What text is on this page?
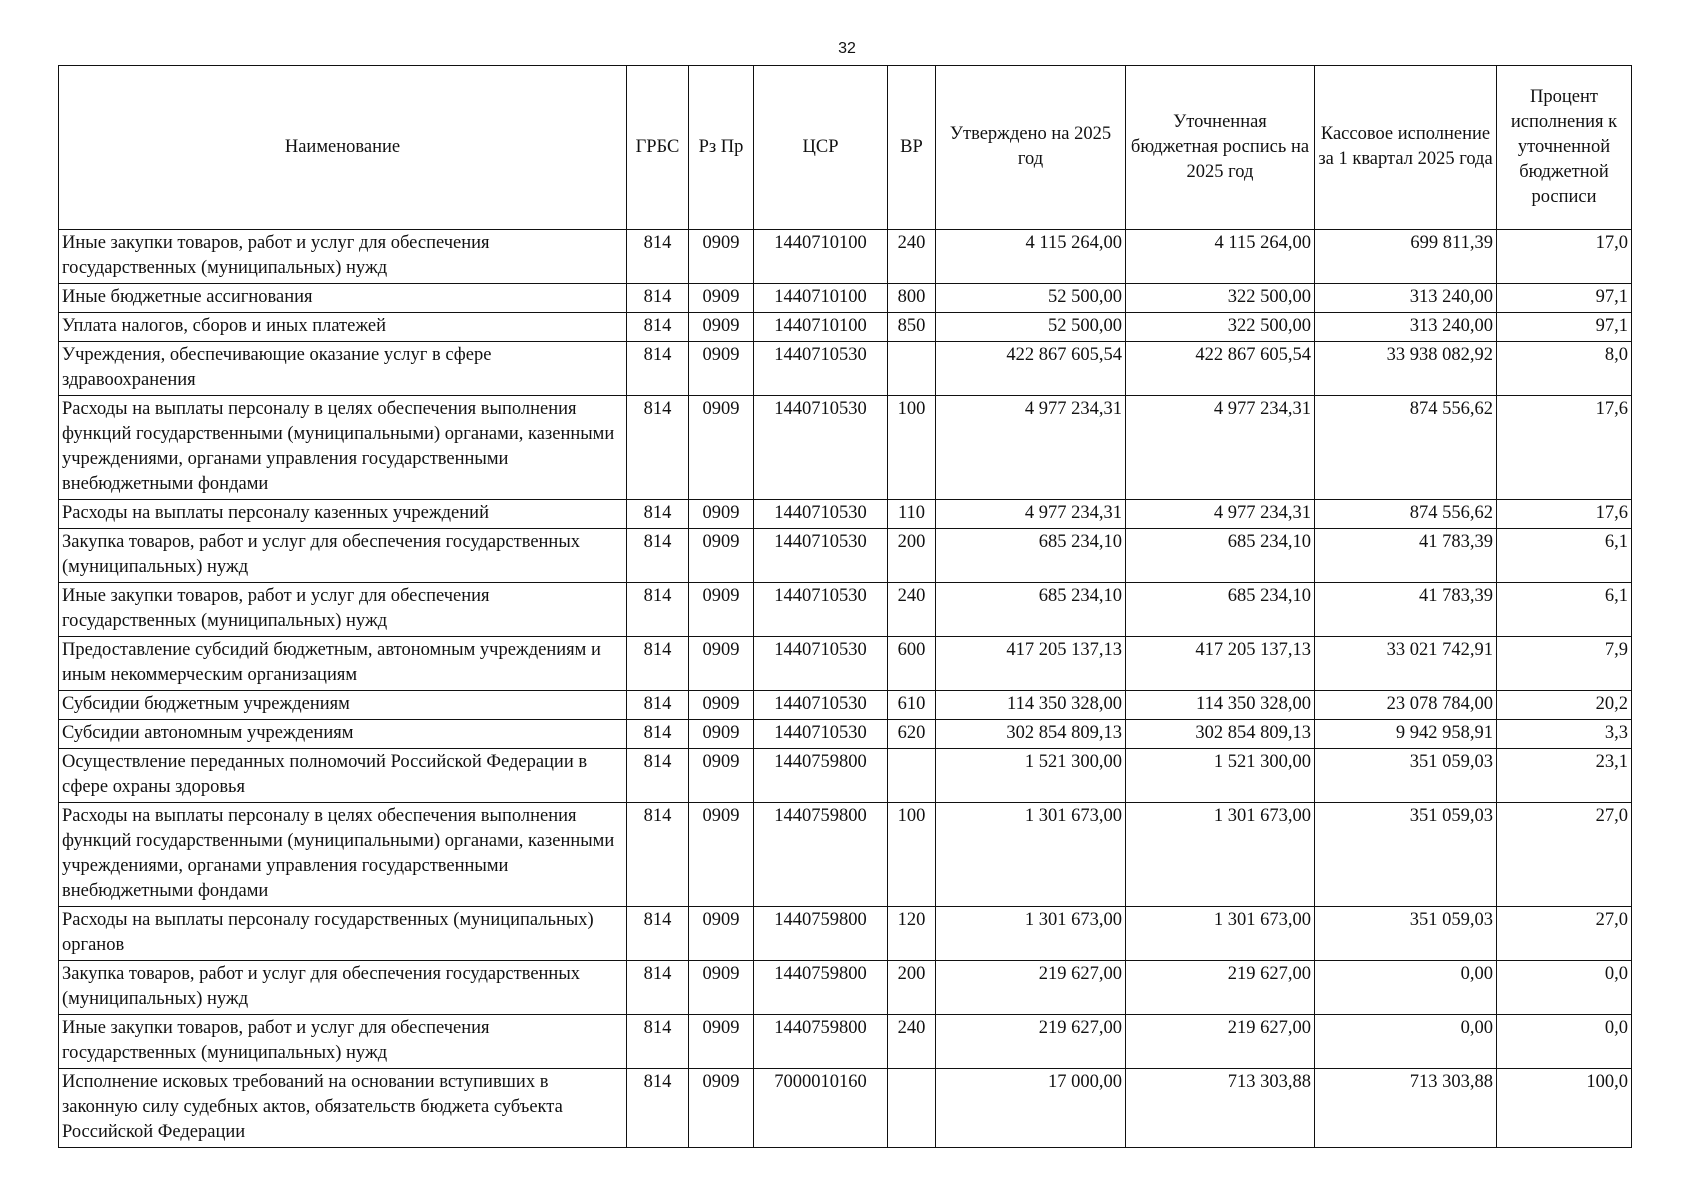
32
Наименование	ГРБС	Рз Пр	ЦСР	ВР	Утверждено на 2025 год	Уточненная бюджетная роспись на 2025 год	Кассовое исполнение за 1 квартал 2025 года	Процент исполнения к уточненной бюджетной росписи
Иные закупки товаров, работ и услуг для обеспечения государственных (муниципальных) нужд	814	0909	1440710100	240	4 115 264,00	4 115 264,00	699 811,39	17,0
Иные бюджетные ассигнования	814	0909	1440710100	800	52 500,00	322 500,00	313 240,00	97,1
Уплата налогов, сборов и иных платежей	814	0909	1440710100	850	52 500,00	322 500,00	313 240,00	97,1
Учреждения, обеспечивающие оказание услуг в сфере здравоохранения	814	0909	1440710530		422 867 605,54	422 867 605,54	33 938 082,92	8,0
Расходы на выплаты персоналу в целях обеспечения выполнения функций государственными (муниципальными) органами, казенными учреждениями, органами управления государственными внебюджетными фондами	814	0909	1440710530	100	4 977 234,31	4 977 234,31	874 556,62	17,6
Расходы на выплаты персоналу казенных учреждений	814	0909	1440710530	110	4 977 234,31	4 977 234,31	874 556,62	17,6
Закупка товаров, работ и услуг для обеспечения государственных (муниципальных) нужд	814	0909	1440710530	200	685 234,10	685 234,10	41 783,39	6,1
Иные закупки товаров, работ и услуг для обеспечения государственных (муниципальных) нужд	814	0909	1440710530	240	685 234,10	685 234,10	41 783,39	6,1
Предоставление субсидий бюджетным, автономным учреждениям и иным некоммерческим организациям	814	0909	1440710530	600	417 205 137,13	417 205 137,13	33 021 742,91	7,9
Субсидии бюджетным учреждениям	814	0909	1440710530	610	114 350 328,00	114 350 328,00	23 078 784,00	20,2
Субсидии автономным учреждениям	814	0909	1440710530	620	302 854 809,13	302 854 809,13	9 942 958,91	3,3
Осуществление переданных полномочий Российской Федерации в сфере охраны здоровья	814	0909	1440759800		1 521 300,00	1 521 300,00	351 059,03	23,1
Расходы на выплаты персоналу в целях обеспечения выполнения функций государственными (муниципальными) органами, казенными учреждениями, органами управления государственными внебюджетными фондами	814	0909	1440759800	100	1 301 673,00	1 301 673,00	351 059,03	27,0
Расходы на выплаты персоналу государственных (муниципальных) органов	814	0909	1440759800	120	1 301 673,00	1 301 673,00	351 059,03	27,0
Закупка товаров, работ и услуг для обеспечения государственных (муниципальных) нужд	814	0909	1440759800	200	219 627,00	219 627,00	0,00	0,0
Иные закупки товаров, работ и услуг для обеспечения государственных (муниципальных) нужд	814	0909	1440759800	240	219 627,00	219 627,00	0,00	0,0
Исполнение исковых требований на основании вступивших в законную силу судебных актов, обязательств бюджета субъекта Российской Федерации	814	0909	7000010160		17 000,00	713 303,88	713 303,88	100,0
